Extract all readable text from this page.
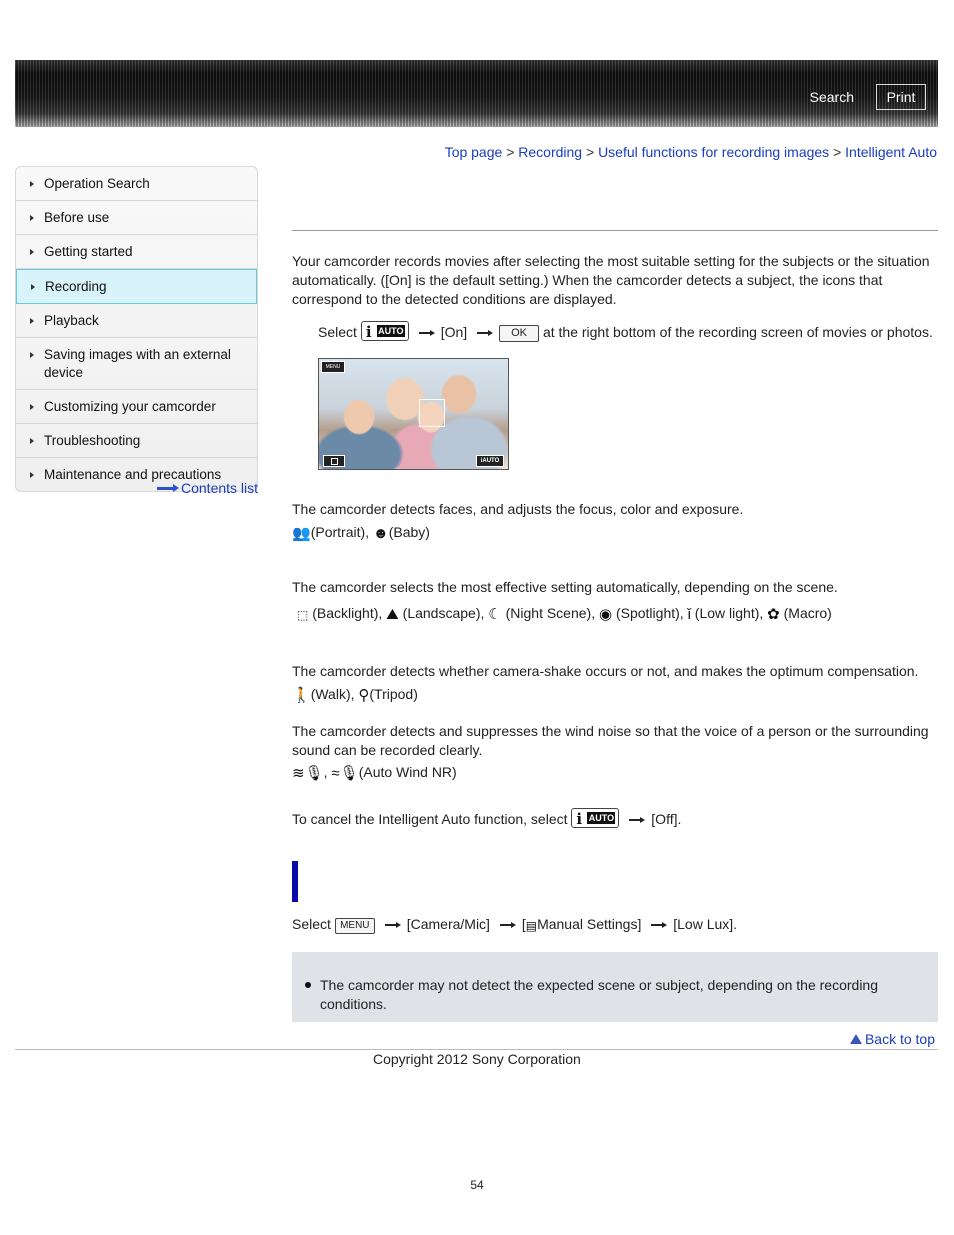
Search	Print
Top page > Recording > Useful functions for recording images > Intelligent Auto
Operation Search
Before use
Getting started
Recording
Playback
Saving images with an external device
Customizing your camcorder
Troubleshooting
Maintenance and precautions
Contents list
Your camcorder records movies after selecting the most suitable setting for the subjects or the situation automatically. ([On] is the default setting.) When the camcorder detects a subject, the icons that correspond to the detected conditions are displayed.
Select i AUTO	[On]	OK at the right bottom of the recording screen of movies or photos.
MENU
iAUTO
The camcorder detects faces, and adjusts the focus, color and exposure.
👥(Portrait), ☻(Baby)
The camcorder selects the most effective setting automatically, depending on the scene.
⬚ (Backlight), ⛰ (Landscape), ☾ (Night Scene), ◉ (Spotlight), ǐ (Low light), ✿ (Macro)
The camcorder detects whether camera-shake occurs or not, and makes the optimum compensation.
🚶(Walk), ⚲(Tripod)
The camcorder detects and suppresses the wind noise so that the voice of a person or the surrounding sound can be recorded clearly.
≋🎙, ≈🎙(Auto Wind NR)
To cancel the Intelligent Auto function, select i AUTO	[Off].
Select MENU	[Camera/Mic] [▤Manual Settings] [Low Lux].
The camcorder may not detect the expected scene or subject, depending on the recording conditions.
Back to top
Copyright 2012 Sony Corporation
54
